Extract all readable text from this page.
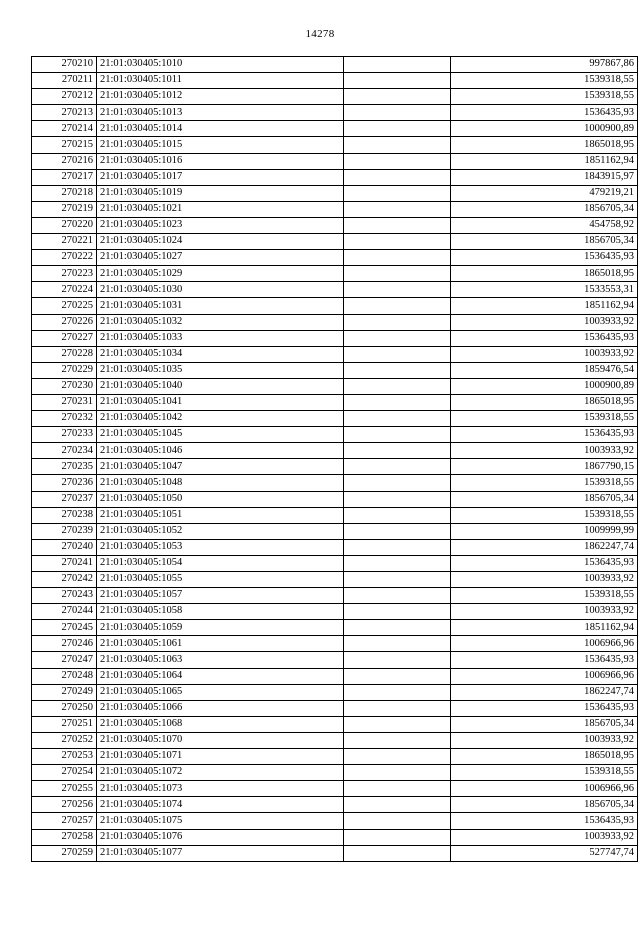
14278
270210	21:01:030405:1010		997867,86
270211	21:01:030405:1011		1539318,55
270212	21:01:030405:1012		1539318,55
270213	21:01:030405:1013		1536435,93
270214	21:01:030405:1014		1000900,89
270215	21:01:030405:1015		1865018,95
270216	21:01:030405:1016		1851162,94
270217	21:01:030405:1017		1843915,97
270218	21:01:030405:1019		479219,21
270219	21:01:030405:1021		1856705,34
270220	21:01:030405:1023		454758,92
270221	21:01:030405:1024		1856705,34
270222	21:01:030405:1027		1536435,93
270223	21:01:030405:1029		1865018,95
270224	21:01:030405:1030		1533553,31
270225	21:01:030405:1031		1851162,94
270226	21:01:030405:1032		1003933,92
270227	21:01:030405:1033		1536435,93
270228	21:01:030405:1034		1003933,92
270229	21:01:030405:1035		1859476,54
270230	21:01:030405:1040		1000900,89
270231	21:01:030405:1041		1865018,95
270232	21:01:030405:1042		1539318,55
270233	21:01:030405:1045		1536435,93
270234	21:01:030405:1046		1003933,92
270235	21:01:030405:1047		1867790,15
270236	21:01:030405:1048		1539318,55
270237	21:01:030405:1050		1856705,34
270238	21:01:030405:1051		1539318,55
270239	21:01:030405:1052		1009999,99
270240	21:01:030405:1053		1862247,74
270241	21:01:030405:1054		1536435,93
270242	21:01:030405:1055		1003933,92
270243	21:01:030405:1057		1539318,55
270244	21:01:030405:1058		1003933,92
270245	21:01:030405:1059		1851162,94
270246	21:01:030405:1061		1006966,96
270247	21:01:030405:1063		1536435,93
270248	21:01:030405:1064		1006966,96
270249	21:01:030405:1065		1862247,74
270250	21:01:030405:1066		1536435,93
270251	21:01:030405:1068		1856705,34
270252	21:01:030405:1070		1003933,92
270253	21:01:030405:1071		1865018,95
270254	21:01:030405:1072		1539318,55
270255	21:01:030405:1073		1006966,96
270256	21:01:030405:1074		1856705,34
270257	21:01:030405:1075		1536435,93
270258	21:01:030405:1076		1003933,92
270259	21:01:030405:1077		527747,74
